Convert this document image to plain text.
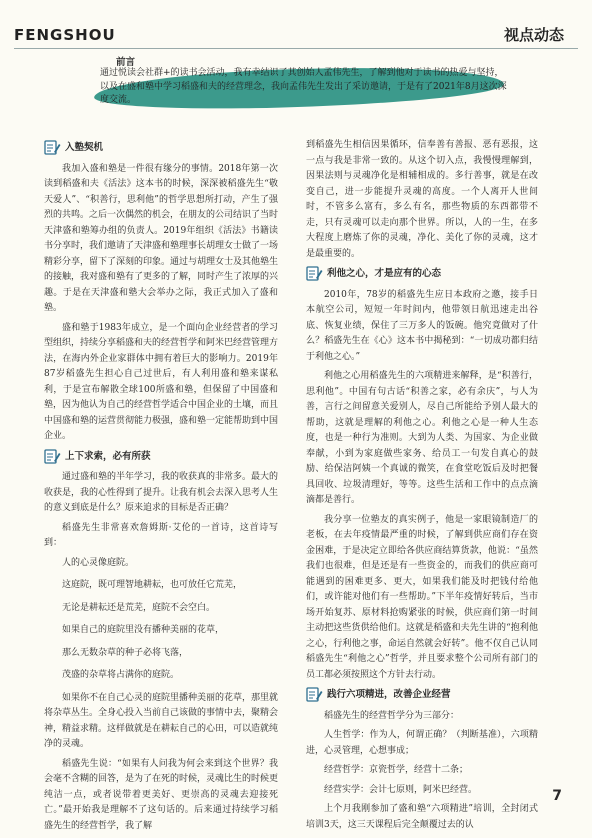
FENGSHOU	视点动态
前言

通过悦读会社群+的读书会活动，我有幸结识了其创始人孟伟先生，了解到他对于读书的热爱与坚持，以及在盛和塾中学习稻盛和夫的经营理念，我向孟伟先生发出了采访邀请，于是有了2021年8月这次深度交流。

入塾契机

我加入盛和塾是一件很有缘分的事情。2018年第一次读到稻盛和夫《活法》这本书的时候，深深被稻盛先生“敬天爱人”、“积善行，思利他”的哲学思想所打动，产生了强烈的共鸣。之后一次偶然的机会，在朋友的公司结识了当时天津盛和塾筹办组的负责人。2019年组织《活法》书籍读书分享时，我们邀请了天津盛和塾理事长胡理女士做了一场精彩分享，留下了深刻的印象。通过与胡理女士及其他塾生的接触，我对盛和塾有了更多的了解，同时产生了浓厚的兴趣。于是在天津盛和塾大会举办之际，我正式加入了盛和塾。

盛和塾于1983年成立，是一个面向企业经营者的学习型组织，持续分享稻盛和夫的经营哲学和阿米巴经营管理方法，在海内外企业家群体中拥有着巨大的影响力。2019年87岁稻盛先生担心自己过世后，有人利用盛和塾来谋私利，于是宣布解散全球100所盛和塾，但保留了中国盛和塾，因为他认为自己的经营哲学适合中国企业的土壤，而且中国盛和塾的运营贯彻能力极强，盛和塾一定能帮助到中国企业。

上下求索，必有所获

通过盛和塾的半年学习，我的收获真的非常多。最大的收获是，我的心性得到了提升。让我有机会去深入思考人生的意义到底是什么？原来追求的目标是否正确？

稻盛先生非常喜欢詹姆斯·艾伦的一首诗，这首诗写到：

人的心灵像庭院。

这庭院，既可理智地耕耘，也可放任它荒芜，

无论是耕耘还是荒芜，庭院不会空白。

如果自己的庭院里没有播种美丽的花草，

那么无数杂草的种子必将飞落，

茂盛的杂草将占满你的庭院。

如果你不在自己心灵的庭院里播种美丽的花草，那里就将杂草丛生。全身心投入当前自己该做的事情中去，聚精会神，精益求精。这样做就是在耕耘自己的心田，可以造就纯净的灵魂。

稻盛先生说：“如果有人问我为何会来到这个世界？我会毫不含糊的回答，是为了在死的时候，灵魂比生的时候更纯洁一点，或者说带着更美好、更崇高的灵魂去迎接死亡。”最开始我是理解不了这句话的。后来通过持续学习稻盛先生的经营哲学，我了解

到稻盛先生相信因果循环，信奉善有善报、恶有恶报，这一点与我是非常一致的。从这个切入点，我慢慢理解到，因果法则与灵魂净化是相辅相成的。多行善事，就是在改变自己，进一步能提升灵魂的高度。一个人离开人世间时，不管多么富有，多么有名，那些物质的东西都带不走，只有灵魂可以走向那个世界。所以，人的一生，在多大程度上磨炼了你的灵魂，净化、美化了你的灵魂，这才是最重要的。

利他之心，才是应有的心态

2010年，78岁的稻盛先生应日本政府之邀，接手日本航空公司，短短一年时间内，他带领日航迅速走出谷底、恢复业绩，保住了三万多人的饭碗。他究竟做对了什么？稻盛先生在《心》这本书中揭秘到：“一切成功都归结于利他之心。”

利他之心用稻盛先生的六项精进来解释，是“积善行，思利他”。中国有句古话“积善之家，必有余庆”，与人为善，言行之间留意关爱别人，尽自己所能给予别人最大的帮助，这就是理解的利他之心。利他之心是一种人生态度，也是一种行为准则。大到为人类、为国家、为企业做奉献，小到为家庭做些家务、给员工一句发自真心的鼓励、给保洁阿姨一个真诚的微笑，在食堂吃饭后及时把餐具回收、垃圾清理好，等等。这些生活和工作中的点点滴滴都是善行。

我分享一位塾友的真实例子，他是一家眼镜制造厂的老板，在去年疫情最严重的时候，了解到供应商们存在资金困难，于是决定立即给各供应商结算货款，他说：“虽然我们也很难，但是还是有一些资金的，而我们的供应商可能遇到的困难更多、更大，如果我们能及时把钱付给他们，或许能对他们有一些帮助。”下半年疫情好转后，当市场开始复苏、原材料抢购紧张的时候，供应商们第一时间主动把这些货供给他们。这就是稻盛和夫先生讲的“抱利他之心，行利他之事，命运自然就会好转”。他不仅自己认同稻盛先生“利他之心”哲学，并且要求整个公司所有部门的员工都必须按照这个方针去行动。

践行六项精进，改善企业经营

稻盛先生的经营哲学分为三部分：

人生哲学：作为人，何谓正确？（判断基准），六项精进，心灵管理，心想事成；

经营哲学：京瓷哲学，经营十二条；

经营实学：会计七原则，阿米巴经营。

上个月我刚参加了盛和塾“六项精进”培训，全封闭式培训3天，这三天课程后完全颠覆过去的认

7
